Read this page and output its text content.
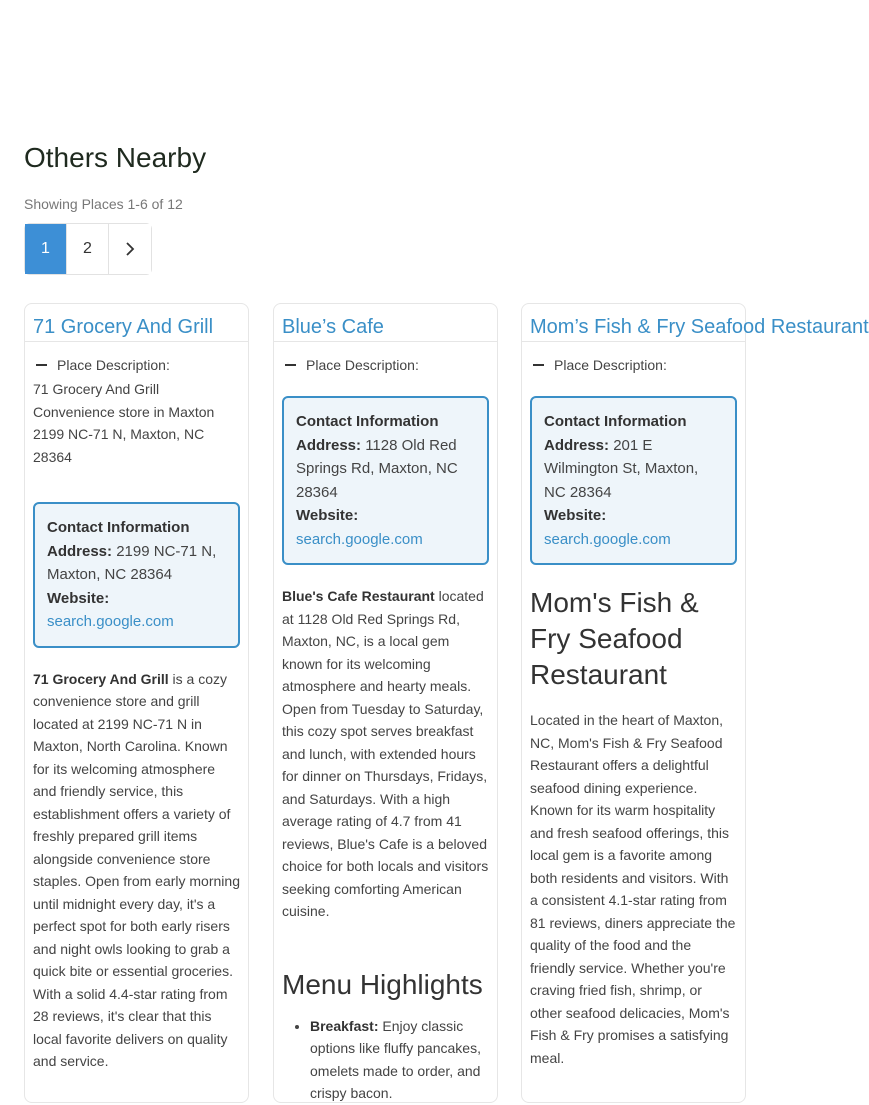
Others Nearby
Showing Places 1-6 of 12
1	2
71 Grocery And Grill
Place Description:
71 Grocery And Grill
Convenience store in Maxton
2199 NC-71 N, Maxton, NC 28364
Contact Information
Address: 2199 NC-71 N, Maxton, NC 28364
Website:
search.google.com
71 Grocery And Grill is a cozy convenience store and grill located at 2199 NC-71 N in Maxton, North Carolina. Known for its welcoming atmosphere and friendly service, this establishment offers a variety of freshly prepared grill items alongside convenience store staples. Open from early morning until midnight every day, it's a perfect spot for both early risers and night owls looking to grab a quick bite or essential groceries. With a solid 4.4-star rating from 28 reviews, it's clear that this local favorite delivers on quality and service.
Blue’s Cafe
Place Description:
Contact Information
Address: 1128 Old Red Springs Rd, Maxton, NC 28364
Website:
search.google.com
Blue's Cafe Restaurant located at 1128 Old Red Springs Rd, Maxton, NC, is a local gem known for its welcoming atmosphere and hearty meals. Open from Tuesday to Saturday, this cozy spot serves breakfast and lunch, with extended hours for dinner on Thursdays, Fridays, and Saturdays. With a high average rating of 4.7 from 41 reviews, Blue's Cafe is a beloved choice for both locals and visitors seeking comforting American cuisine.
Menu Highlights
• Breakfast: Enjoy classic options like fluffy pancakes, omelets made to order, and crispy bacon.
Mom’s Fish & Fry Seafood Restaurant
Place Description:
Contact Information
Address: 201 E Wilmington St, Maxton, NC 28364
Website:
search.google.com
Mom's Fish & Fry Seafood Restaurant
Located in the heart of Maxton, NC, Mom's Fish & Fry Seafood Restaurant offers a delightful seafood dining experience. Known for its warm hospitality and fresh seafood offerings, this local gem is a favorite among both residents and visitors. With a consistent 4.1-star rating from 81 reviews, diners appreciate the quality of the food and the friendly service. Whether you're craving fried fish, shrimp, or other seafood delicacies, Mom's Fish & Fry promises a satisfying meal.
